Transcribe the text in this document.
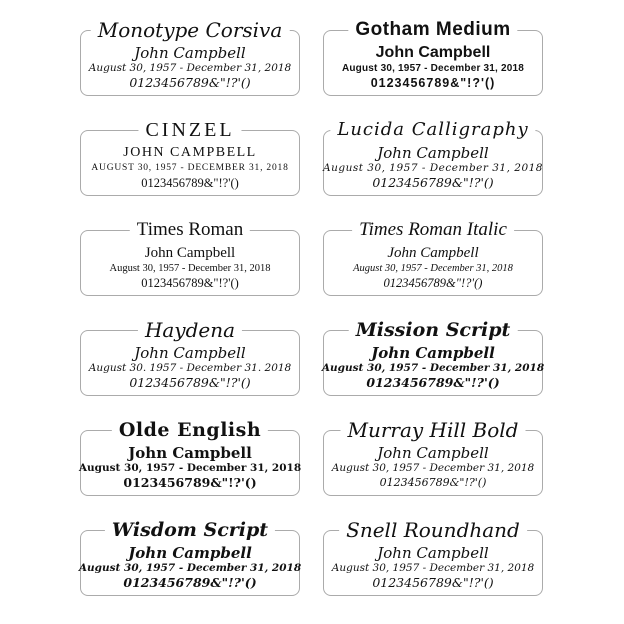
Monotype Corsiva
John Campbell
August 30, 1957 - December 31, 2018
0123456789&"!?'()
Gotham Medium
John Campbell
August 30, 1957 - December 31, 2018
0123456789&"!?'()
CINZEL
JOHN CAMPBELL
AUGUST 30, 1957 - DECEMBER 31, 2018
0123456789&"!?'()
Lucida Calligraphy
John Campbell
August 30, 1957 - December 31, 2018
0123456789&"!?'()
Times Roman
John Campbell
August 30, 1957 - December 31, 2018
0123456789&"!?'()
Times Roman Italic
John Campbell
August 30, 1957 - December 31, 2018
0123456789&"!?'()
Haydena
John Campbell
August 30. 1957 - December 31. 2018
0123456789&"!?'()
Mission Script
John Campbell
August 30, 1957 - December 31, 2018
0123456789&"!?'()
Olde English
John Campbell
August 30, 1957 - December 31, 2018
0123456789&"!?'()
Murray Hill Bold
John Campbell
August 30, 1957 - December 31, 2018
0123456789&"!?'()
Wisdom Script
John Campbell
August 30, 1957 - December 31, 2018
0123456789&"!?'()
Snell Roundhand
John Campbell
August 30, 1957 - December 31, 2018
0123456789&"!?'()
